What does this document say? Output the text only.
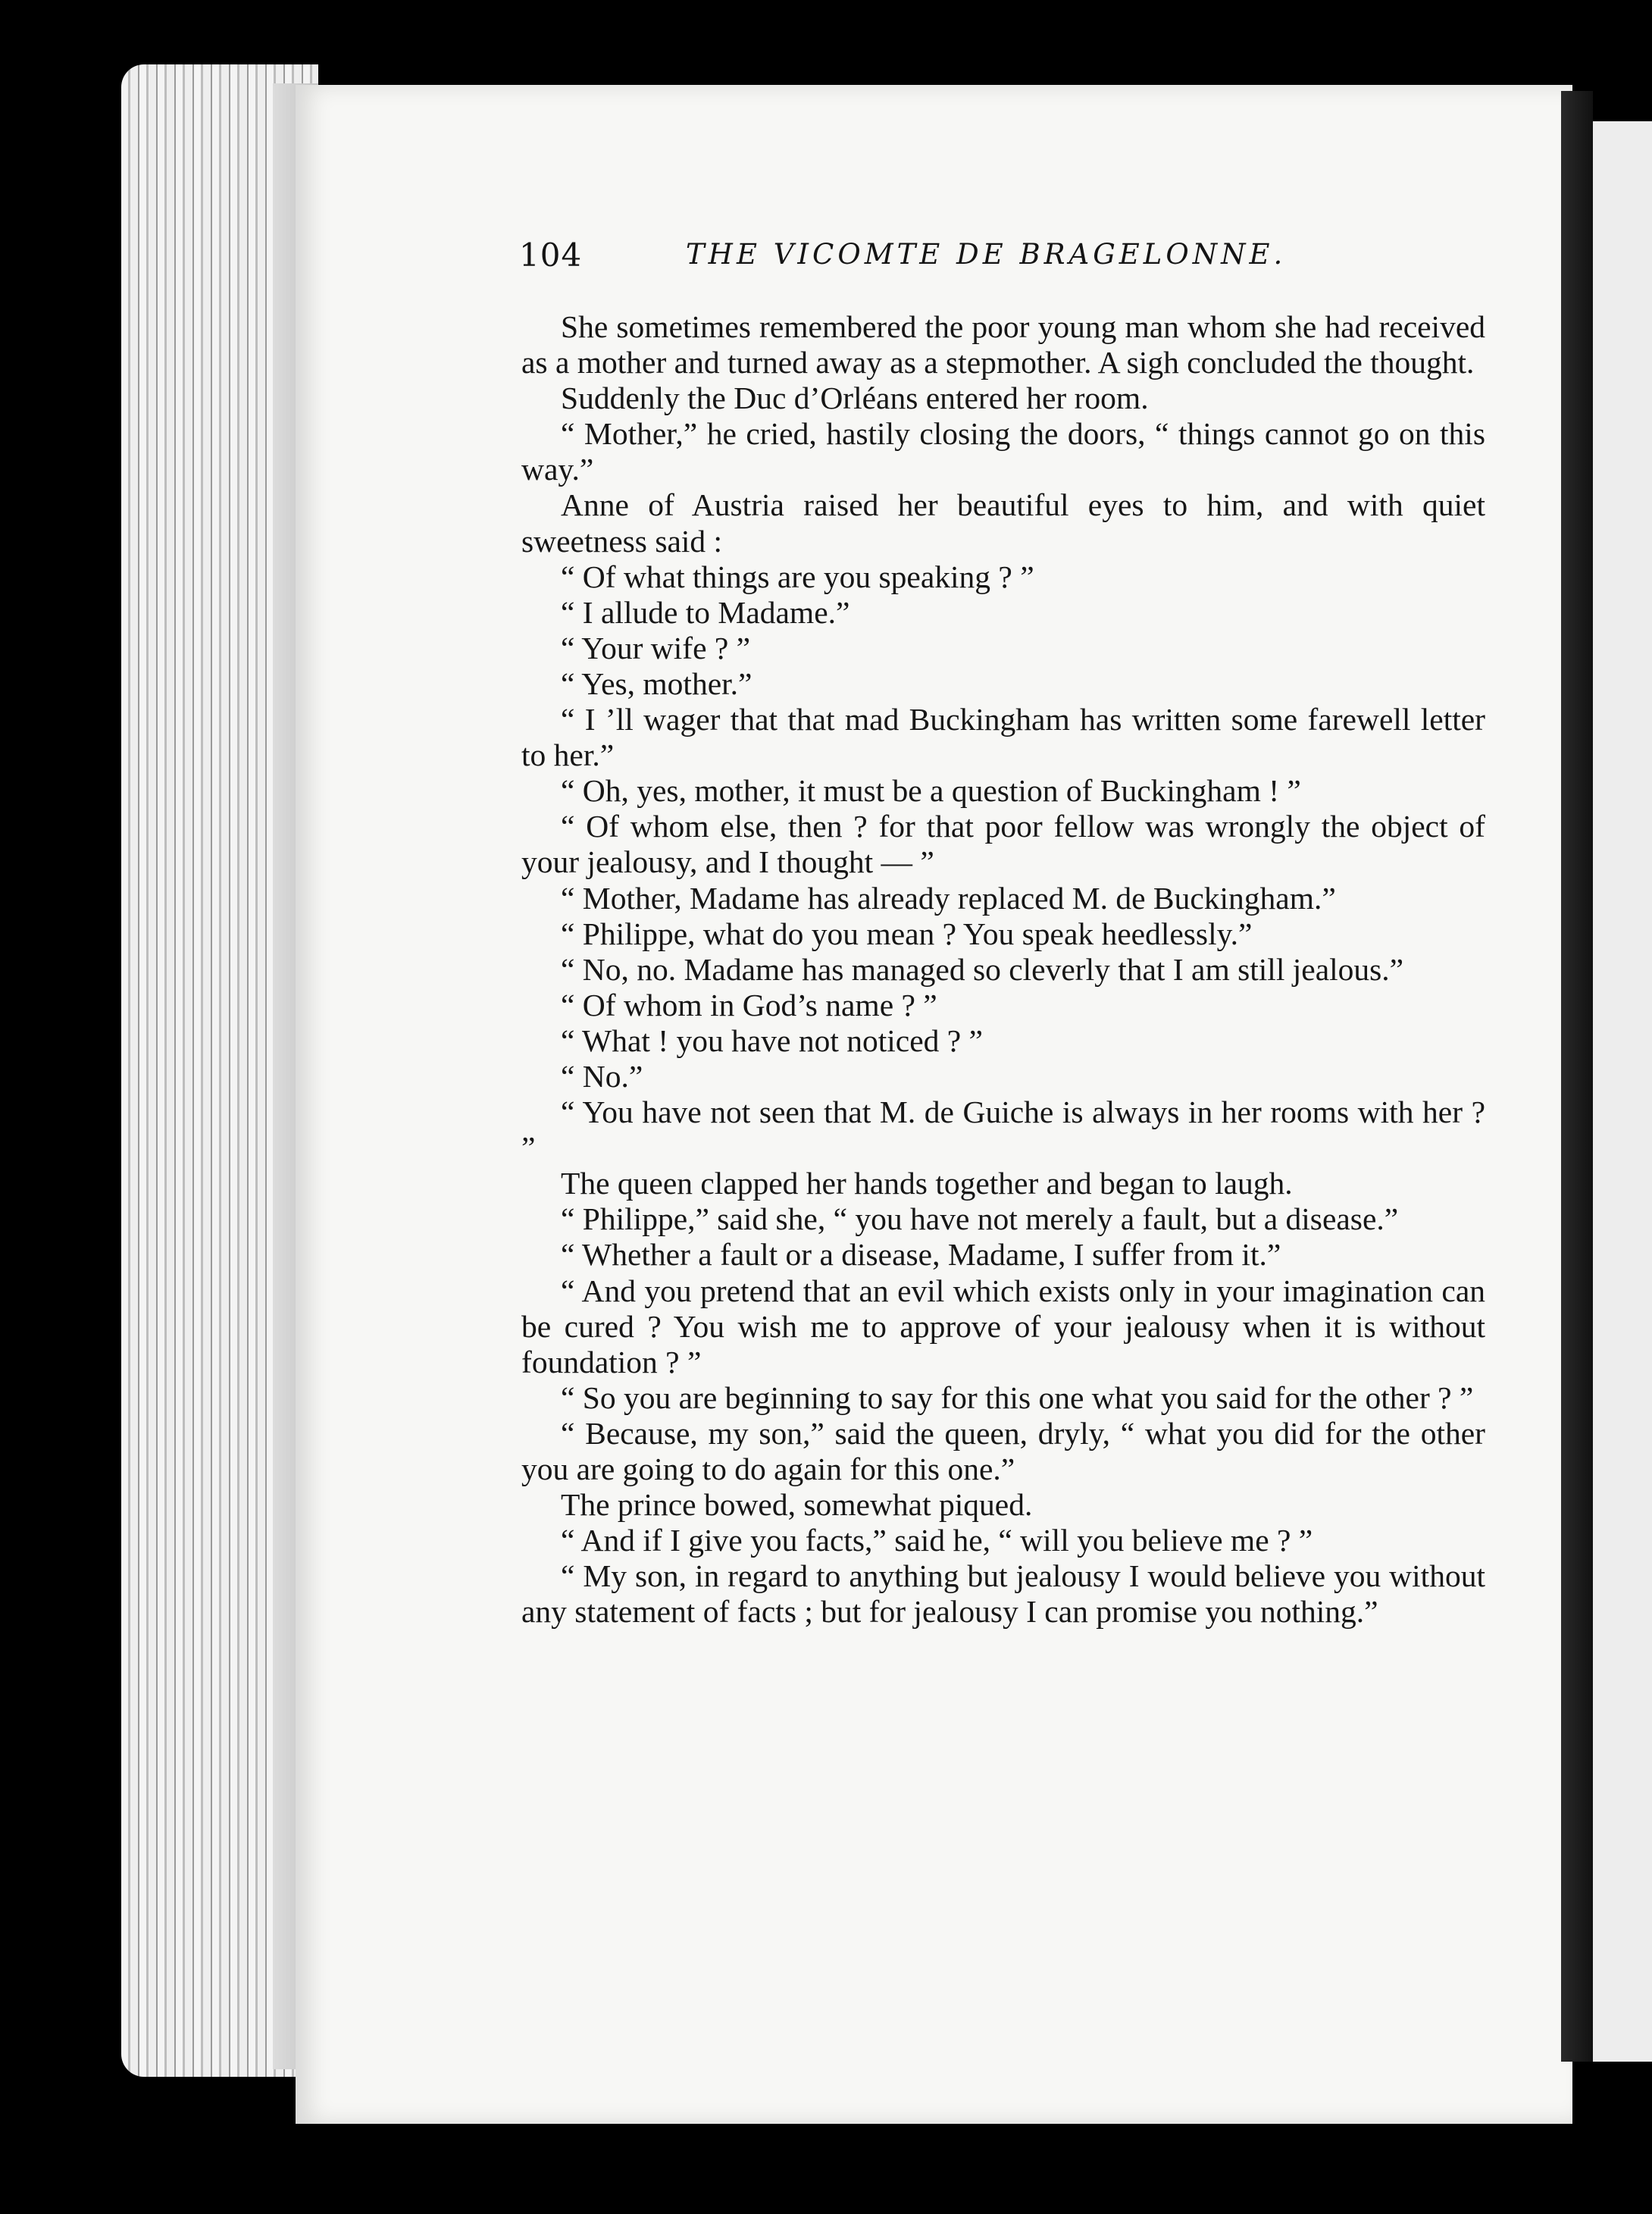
104	THE VICOMTE DE BRAGELONNE.

She sometimes remembered the poor young man whom she had received as a mother and turned away as a stepmother. A sigh concluded the thought.

Suddenly the Duc d’Orléans entered her room.

“ Mother,” he cried, hastily closing the doors, “ things cannot go on this way.”

Anne of Austria raised her beautiful eyes to him, and with quiet sweetness said :

“ Of what things are you speaking ? ”

“ I allude to Madame.”

“ Your wife ? ”

“ Yes, mother.”

“ I ’ll wager that that mad Buckingham has written some farewell letter to her.”

“ Oh, yes, mother, it must be a question of Buckingham ! ”

“ Of whom else, then ? for that poor fellow was wrongly the object of your jealousy, and I thought — ”

“ Mother, Madame has already replaced M. de Buckingham.”

“ Philippe, what do you mean ? You speak heedlessly.”

“ No, no. Madame has managed so cleverly that I am still jealous.”

“ Of whom in God’s name ? ”

“ What ! you have not noticed ? ”

“ No.”

“ You have not seen that M. de Guiche is always in her rooms with her ? ”

The queen clapped her hands together and began to laugh.

“ Philippe,” said she, “ you have not merely a fault, but a disease.”

“ Whether a fault or a disease, Madame, I suffer from it.”

“ And you pretend that an evil which exists only in your imagination can be cured ? You wish me to approve of your jealousy when it is without foundation ? ”

“ So you are beginning to say for this one what you said for the other ? ”

“ Because, my son,” said the queen, dryly, “ what you did for the other you are going to do again for this one.”

The prince bowed, somewhat piqued.

“ And if I give you facts,” said he, “ will you believe me ? ”

“ My son, in regard to anything but jealousy I would believe you without any statement of facts ; but for jealousy I can promise you nothing.”
